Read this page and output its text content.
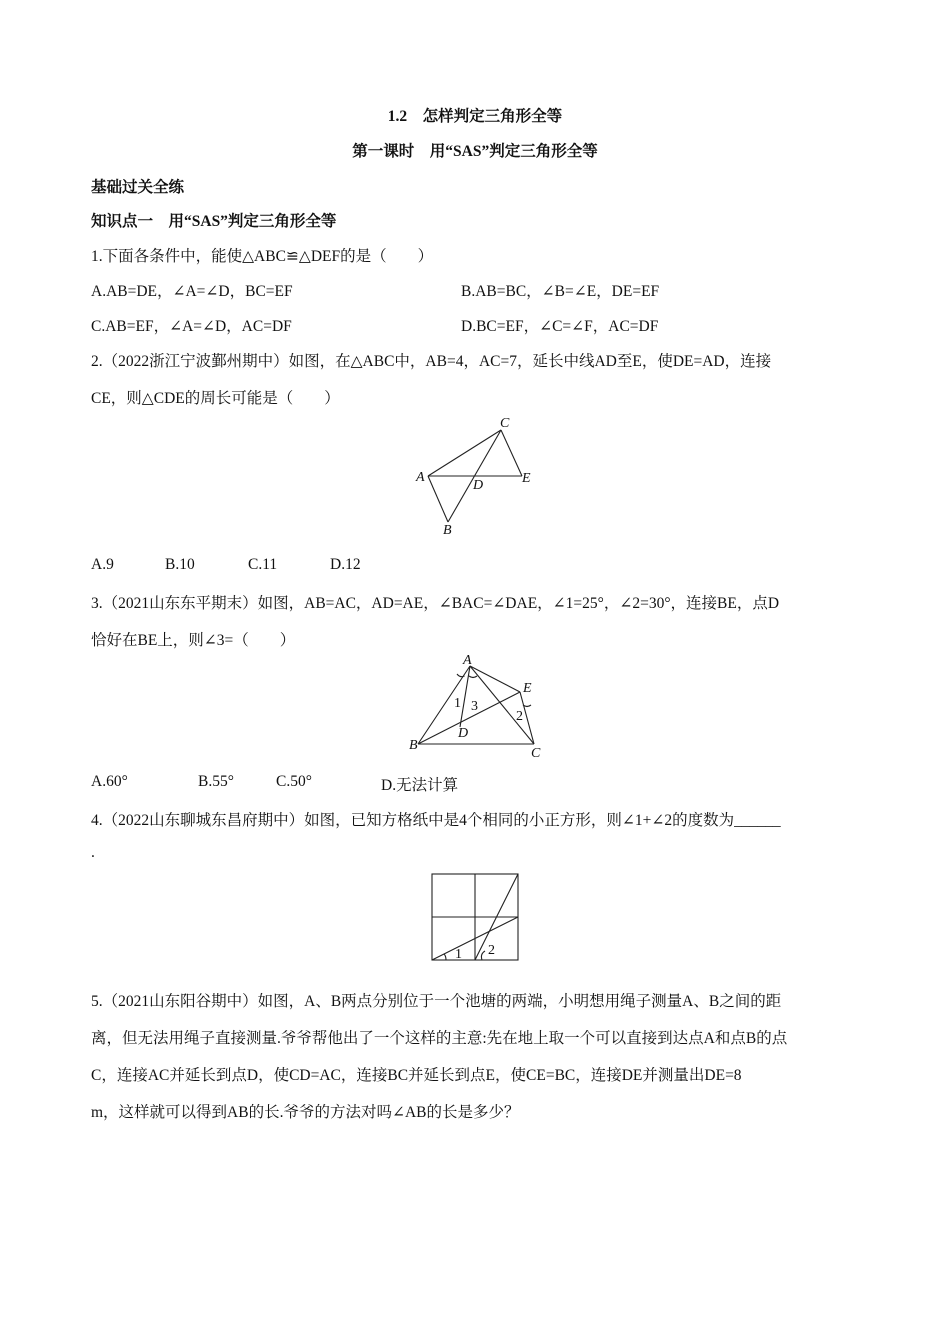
1.2　怎样判定三角形全等
第一课时　用“SAS”判定三角形全等
基础过关全练
知识点一　用“SAS”判定三角形全等
1.下面各条件中，能使△ABC≌△DEF的是（　　）
A.AB=DE，∠A=∠D，BC=EF	B.AB=BC，∠B=∠E，DE=EF
C.AB=EF，∠A=∠D，AC=DF	D.BC=EF，∠C=∠F，AC=DF
2.（2022浙江宁波鄞州期中）如图，在△ABC中，AB=4，AC=7，延长中线AD至E，使DE=AD，连接
CE，则△CDE的周长可能是（　　）
A
C
E
D
B
A.9	B.10	C.11	D.12
3.（2021山东东平期末）如图，AB=AC，AD=AE，∠BAC=∠DAE，∠1=25°，∠2=30°，连接BE，点D
恰好在BE上，则∠3=（　　）
A
E
B
C
D
1 3
2
A.60°	B.55°	C.50°	D.无法计算
4.（2022山东聊城东昌府期中）如图，已知方格纸中是4个相同的小正方形，则∠1+∠2的度数为______
.
1 2
5.（2021山东阳谷期中）如图，A、B两点分别位于一个池塘的两端，小明想用绳子测量A、B之间的距
离，但无法用绳子直接测量.爷爷帮他出了一个这样的主意:先在地上取一个可以直接到达点A和点B的点
C，连接AC并延长到点D，使CD=AC，连接BC并延长到点E，使CE=BC，连接DE并测量出DE=8
m，这样就可以得到AB的长.爷爷的方法对吗∠AB的长是多少？
